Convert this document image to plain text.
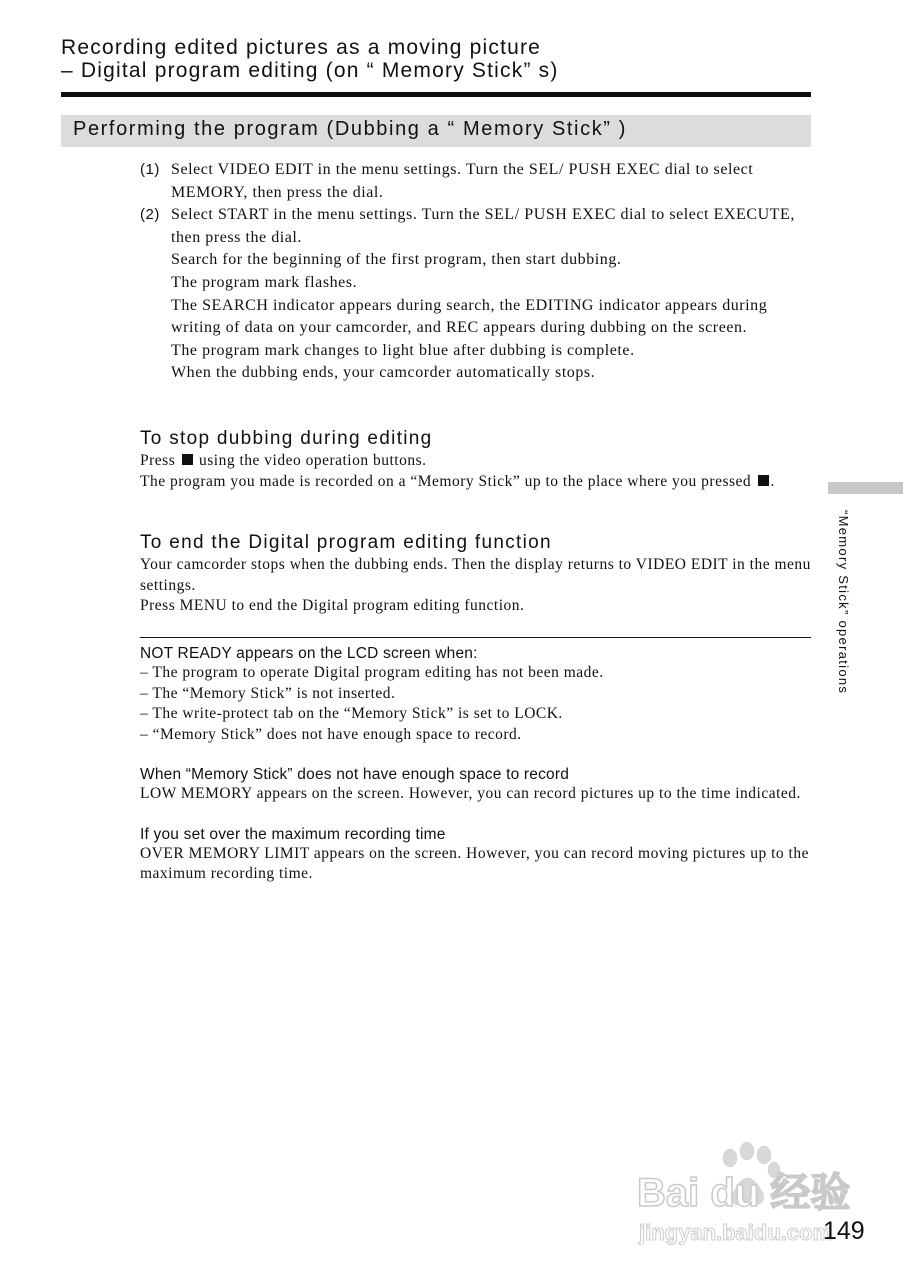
Recording edited pictures as a moving picture
– Digital program editing (on “ Memory Stick” s)
Performing the program (Dubbing a “ Memory Stick” )
(1) Select VIDEO EDIT in the menu settings. Turn the SEL/ PUSH EXEC dial to select MEMORY, then press the dial.
(2) Select START in the menu settings. Turn the SEL/ PUSH EXEC dial to select EXECUTE, then press the dial.
Search for the beginning of the first program, then start dubbing.
The program mark flashes.
The SEARCH indicator appears during search, the EDITING indicator appears during writing of data on your camcorder, and REC appears during dubbing on the screen.
The program mark changes to light blue after dubbing is complete.
When the dubbing ends, your camcorder automatically stops.
To stop dubbing during editing

Press using the video operation buttons.

The program you made is recorded on a “Memory Stick” up to the place where you pressed .

To end the Digital program editing function

Your camcorder stops when the dubbing ends. Then the display returns to VIDEO EDIT in the menu settings.

Press MENU to end the Digital program editing function.

NOT READY appears on the LCD screen when:

– The program to operate Digital program editing has not been made.

– The “Memory Stick” is not inserted.

– The write-protect tab on the “Memory Stick” is set to LOCK.

– “Memory Stick” does not have enough space to record.

When “Memory Stick” does not have enough space to record

LOW MEMORY appears on the screen. However, you can record pictures up to the time indicated.

If you set over the maximum recording time

OVER MEMORY LIMIT appears on the screen. However, you can record moving pictures up to the maximum recording time.

“Memory Stick” operations
Bai du 经验
jingyan.baidu.com
149
